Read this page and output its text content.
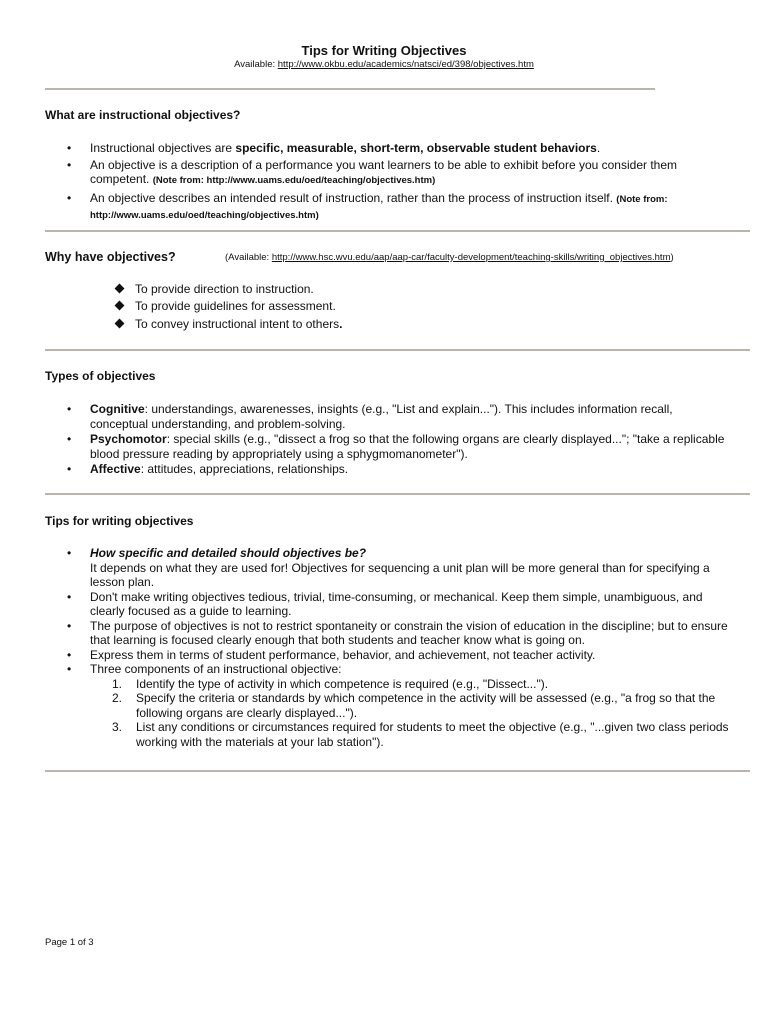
Tips for Writing Objectives
Available: http://www.okbu.edu/academics/natsci/ed/398/objectives.htm
What are instructional objectives?
• Instructional objectives are specific, measurable, short-term, observable student behaviors.
• An objective is a description of a performance you want learners to be able to exhibit before you consider them competent. (Note from: http://www.uams.edu/oed/teaching/objectives.htm)
• An objective describes an intended result of instruction, rather than the process of instruction itself. (Note from: http://www.uams.edu/oed/teaching/objectives.htm)
Why have objectives?	(Available: http://www.hsc.wvu.edu/aap/aap-car/faculty-development/teaching-skills/writing_objectives.htm)
To provide direction to instruction.
To provide guidelines for assessment.
To convey instructional intent to others.
Types of objectives
• Cognitive: understandings, awarenesses, insights (e.g., "List and explain..."). This includes information recall, conceptual understanding, and problem-solving.
• Psychomotor: special skills (e.g., "dissect a frog so that the following organs are clearly displayed..."; "take a replicable blood pressure reading by appropriately using a sphygmomanometer").
• Affective: attitudes, appreciations, relationships.
Tips for writing objectives
• How specific and detailed should objectives be?
It depends on what they are used for! Objectives for sequencing a unit plan will be more general than for specifying a lesson plan.
• Don't make writing objectives tedious, trivial, time-consuming, or mechanical. Keep them simple, unambiguous, and clearly focused as a guide to learning.
• The purpose of objectives is not to restrict spontaneity or constrain the vision of education in the discipline; but to ensure that learning is focused clearly enough that both students and teacher know what is going on.
• Express them in terms of student performance, behavior, and achievement, not teacher activity.
• Three components of an instructional objective:
1. Identify the type of activity in which competence is required (e.g., "Dissect...").
2. Specify the criteria or standards by which competence in the activity will be assessed (e.g., "a frog so that the following organs are clearly displayed...").
3. List any conditions or circumstances required for students to meet the objective (e.g., "...given two class periods working with the materials at your lab station").
Page 1 of 3
